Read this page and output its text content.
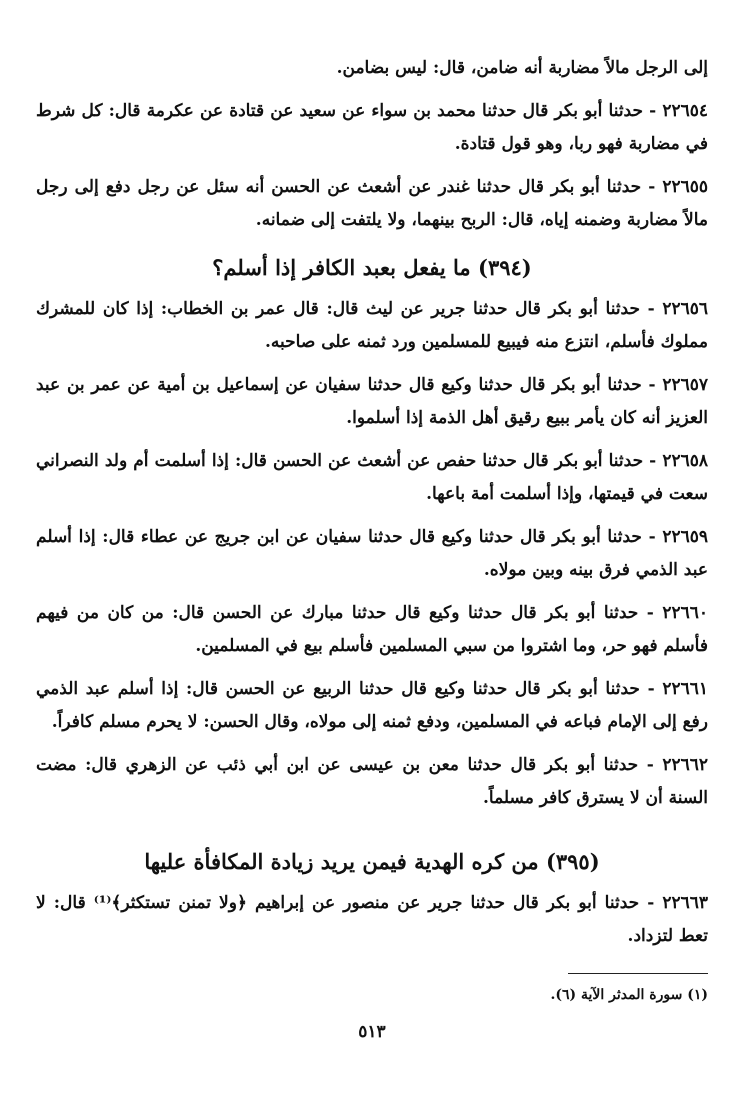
إلى الرجل مالاً مضاربة أنه ضامن، قال: ليس بضامن.

٢٢٦٥٤ - حدثنا أبو بكر قال حدثنا محمد بن سواء عن سعيد عن قتادة عن عكرمة قال: كل شرط في مضاربة فهو ربا، وهو قول قتادة.

٢٢٦٥٥ - حدثنا أبو بكر قال حدثنا غندر عن أشعث عن الحسن أنه سئل عن رجل دفع إلى رجل مالاً مضاربة وضمنه إياه، قال: الربح بينهما، ولا يلتفت إلى ضمانه.

(٣٩٤) ما يفعل بعبد الكافر إذا أسلم؟

٢٢٦٥٦ - حدثنا أبو بكر قال حدثنا جرير عن ليث قال: قال عمر بن الخطاب: إذا كان للمشرك مملوك فأسلم، انتزع منه فيبيع للمسلمين ورد ثمنه على صاحبه.

٢٢٦٥٧ - حدثنا أبو بكر قال حدثنا وكيع قال حدثنا سفيان عن إسماعيل بن أمية عن عمر بن عبد العزيز أنه كان يأمر ببيع رقيق أهل الذمة إذا أسلموا.

٢٢٦٥٨ - حدثنا أبو بكر قال حدثنا حفص عن أشعث عن الحسن قال: إذا أسلمت أم ولد النصراني سعت في قيمتها، وإذا أسلمت أمة باعها.

٢٢٦٥٩ - حدثنا أبو بكر قال حدثنا وكيع قال حدثنا سفيان عن ابن جريج عن عطاء قال: إذا أسلم عبد الذمي فرق بينه وبين مولاه.

٢٢٦٦٠ - حدثنا أبو بكر قال حدثنا وكيع قال حدثنا مبارك عن الحسن قال: من كان من فيهم فأسلم فهو حر، وما اشتروا من سبي المسلمين فأسلم بيع في المسلمين.

٢٢٦٦١ - حدثنا أبو بكر قال حدثنا وكيع قال حدثنا الربيع عن الحسن قال: إذا أسلم عبد الذمي رفع إلى الإمام فباعه في المسلمين، ودفع ثمنه إلى مولاه، وقال الحسن: لا يحرم مسلم كافراً.

٢٢٦٦٢ - حدثنا أبو بكر قال حدثنا معن بن عيسى عن ابن أبي ذئب عن الزهري قال: مضت السنة أن لا يسترق كافر مسلماً.

(٣٩٥) من كره الهدية فيمن يريد زيادة المكافأة عليها

٢٢٦٦٣ - حدثنا أبو بكر قال حدثنا جرير عن منصور عن إبراهيم ﴿ولا تمنن تستكثر﴾⁽¹⁾ قال: لا تعط لتزداد.

(١) سورة المدثر الآية (٦).
٥١٣
